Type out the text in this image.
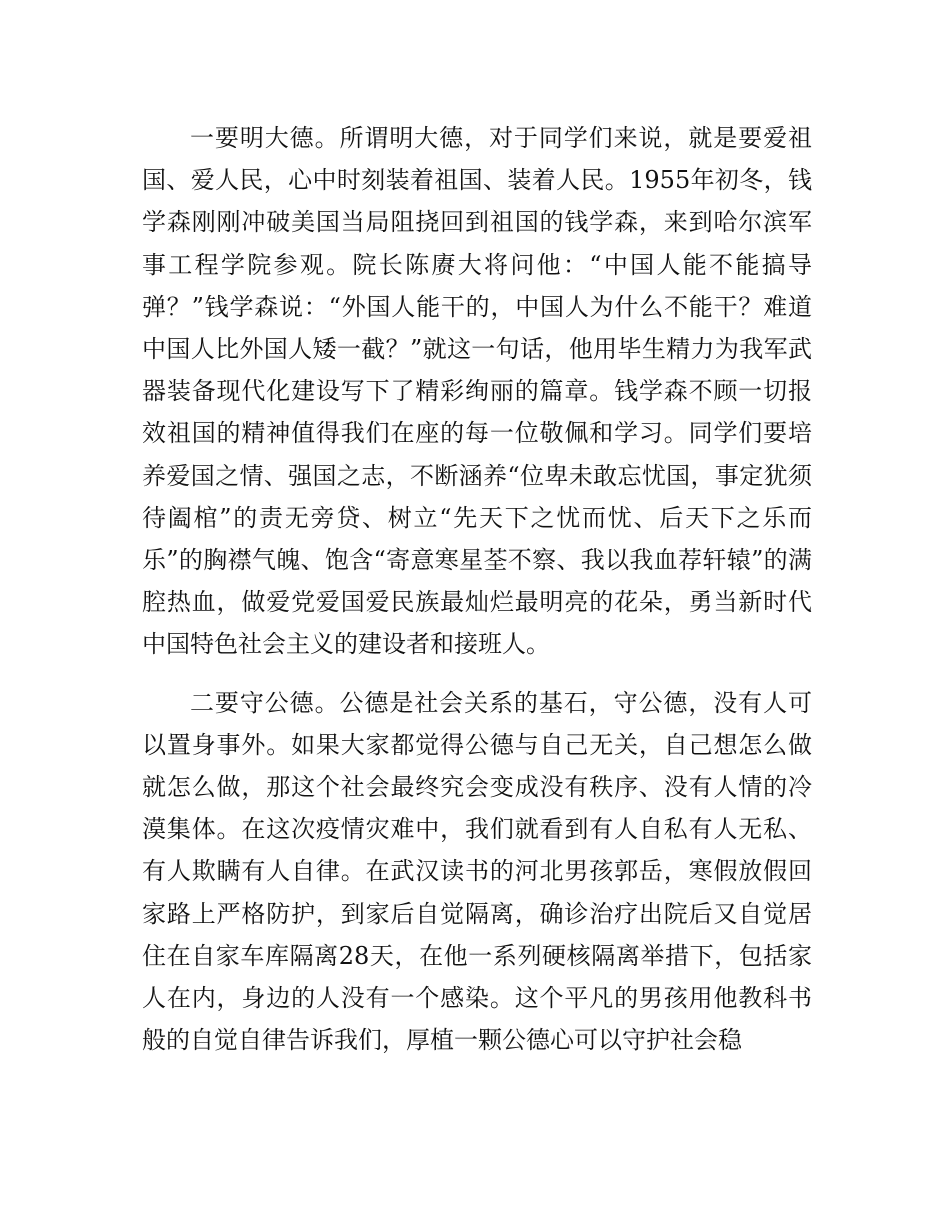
一要明大德。所谓明大德，对于同学们来说，就是要爱祖国、爱人民，心中时刻装着祖国、装着人民。1955年初冬，钱学森刚刚冲破美国当局阻挠回到祖国的钱学森，来到哈尔滨军事工程学院参观。院长陈赓大将问他：“中国人能不能搞导弹？”钱学森说：“外国人能干的，中国人为什么不能干？难道中国人比外国人矮一截？”就这一句话，他用毕生精力为我军武器装备现代化建设写下了精彩绚丽的篇章。钱学森不顾一切报效祖国的精神值得我们在座的每一位敬佩和学习。同学们要培养爱国之情、强国之志，不断涵养“位卑未敢忘忧国，事定犹须待阖棺”的责无旁贷、树立“先天下之忧而忧、后天下之乐而乐”的胸襟气魄、饱含“寄意寒星荃不察、我以我血荐轩辕”的满腔热血，做爱党爱国爱民族最灿烂最明亮的花朵，勇当新时代中国特色社会主义的建设者和接班人。

二要守公德。公德是社会关系的基石，守公德，没有人可以置身事外。如果大家都觉得公德与自己无关，自己想怎么做就怎么做，那这个社会最终究会变成没有秩序、没有人情的冷漠集体。在这次疫情灾难中，我们就看到有人自私有人无私、有人欺瞒有人自律。在武汉读书的河北男孩郭岳，寒假放假回家路上严格防护，到家后自觉隔离，确诊治疗出院后又自觉居住在自家车库隔离28天，在他一系列硬核隔离举措下，包括家人在内，身边的人没有一个感染。这个平凡的男孩用他教科书般的自觉自律告诉我们，厚植一颗公德心可以守护社会稳
